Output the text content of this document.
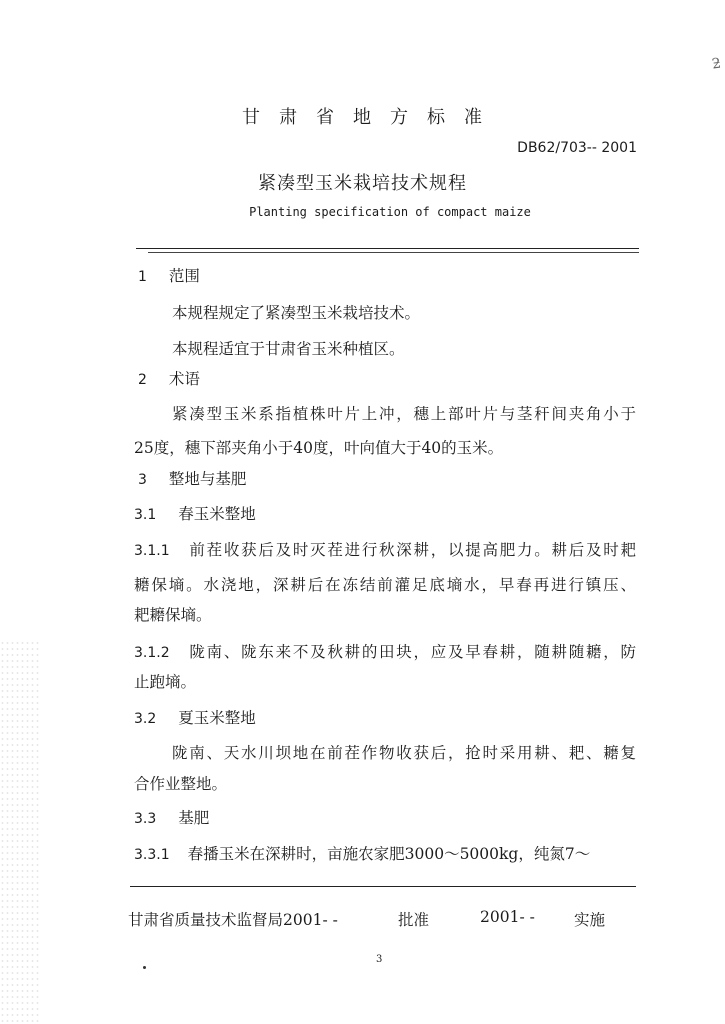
ƻ
甘肃省地方标准
DB62/703-- 2001
紧凑型玉米栽培技术规程
Planting specification of compact maize
1 范围
本规程规定了紧凑型玉米栽培技术。
本规程适宜于甘肃省玉米种植区。
2 术语
紧凑型玉米系指植株叶片上冲，穗上部叶片与茎秆间夹角小于
25度，穗下部夹角小于40度，叶向值大于40的玉米。
3 整地与基肥
3.1 春玉米整地
3.1.1 前茬收获后及时灭茬进行秋深耕，以提高肥力。耕后及时耙
耱保墒。水浇地，深耕后在冻结前灌足底墒水，早春再进行镇压、
耙耱保墒。
3.1.2 陇南、陇东来不及秋耕的田块，应及早春耕，随耕随耱，防
止跑墒。
3.2 夏玉米整地
陇南、天水川坝地在前茬作物收获后，抢时采用耕、耙、耱复
合作业整地。
3.3 基肥
3.3.1 春播玉米在深耕时，亩施农家肥3000～5000kg，纯氮7～
甘肃省质量技术监督局2001- -	批准	2001- -	实施
3
